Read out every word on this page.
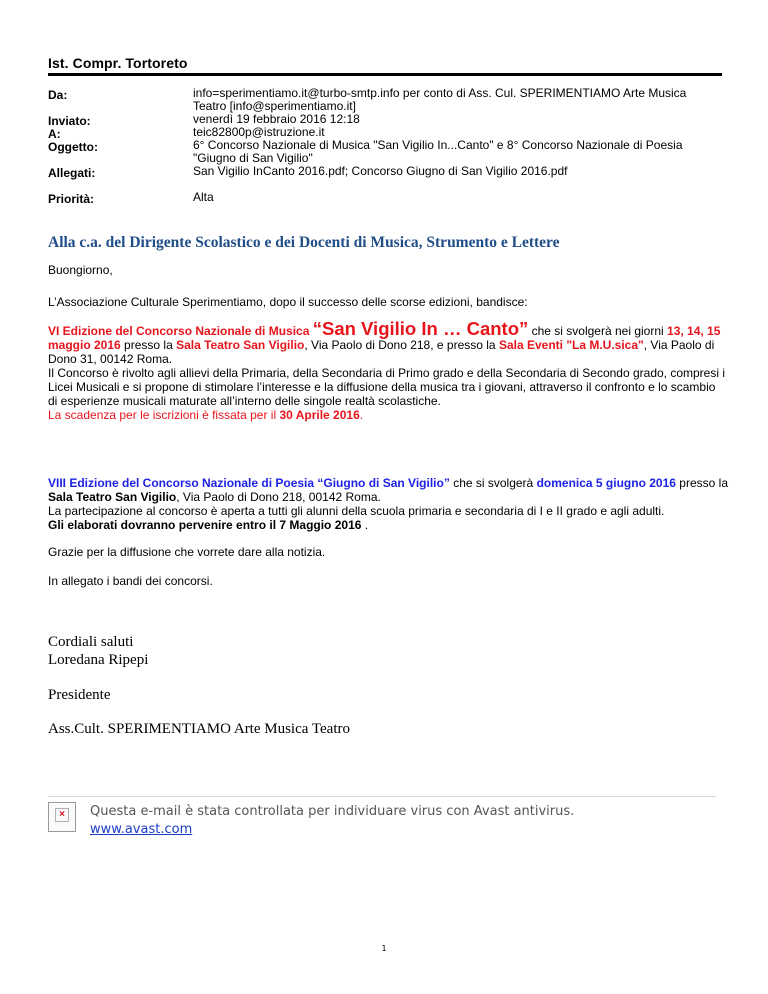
Ist. Compr. Tortoreto
Da:	info=sperimentiamo.it@turbo-smtp.info per conto di Ass. Cul. SPERIMENTIAMO Arte Musica Teatro [info@sperimentiamo.it]
Inviato:	venerdì 19 febbraio 2016 12:18
A:	teic82800p@istruzione.it
Oggetto:	6° Concorso Nazionale di Musica "San Vigilio In...Canto" e 8° Concorso Nazionale di Poesia "Giugno di San Vigilio"
Allegati:	San Vigilio InCanto 2016.pdf; Concorso Giugno di San Vigilio 2016.pdf
Priorità:	Alta
Alla c.a. del Dirigente Scolastico e dei Docenti di Musica, Strumento e Lettere
Buongiorno,
L’Associazione Culturale Sperimentiamo, dopo il successo delle scorse edizioni, bandisce:
VI Edizione del Concorso Nazionale di Musica “San Vigilio In … Canto” che si svolgerà nei giorni 13, 14, 15 maggio 2016 presso la Sala Teatro San Vigilio, Via Paolo di Dono 218, e presso la Sala Eventi "La M.U.sica", Via Paolo di Dono 31, 00142 Roma.
Il Concorso è rivolto agli allievi della Primaria, della Secondaria di Primo grado e della Secondaria di Secondo grado, compresi i Licei Musicali e si propone di stimolare l’interesse e la diffusione della musica tra i giovani, attraverso il confronto e lo scambio di esperienze musicali maturate all’interno delle singole realtà scolastiche.
La scadenza per le iscrizioni è fissata per il 30 Aprile 2016.
VIII Edizione del Concorso Nazionale di Poesia “Giugno di San Vigilio” che si svolgerà domenica 5 giugno 2016 presso la Sala Teatro San Vigilio, Via Paolo di Dono 218, 00142 Roma.
La partecipazione al concorso è aperta a tutti gli alunni della scuola primaria e secondaria di I e II grado e agli adulti.
Gli elaborati dovranno pervenire entro il 7 Maggio 2016 .
Grazie per la diffusione che vorrete dare alla notizia.
In allegato i bandi dei concorsi.
Cordiali saluti
Loredana Ripepi
Presidente
Ass.Cult. SPERIMENTIAMO Arte Musica Teatro
×	Questa e-mail è stata controllata per individuare virus con Avast antivirus.
www.avast.com
1
